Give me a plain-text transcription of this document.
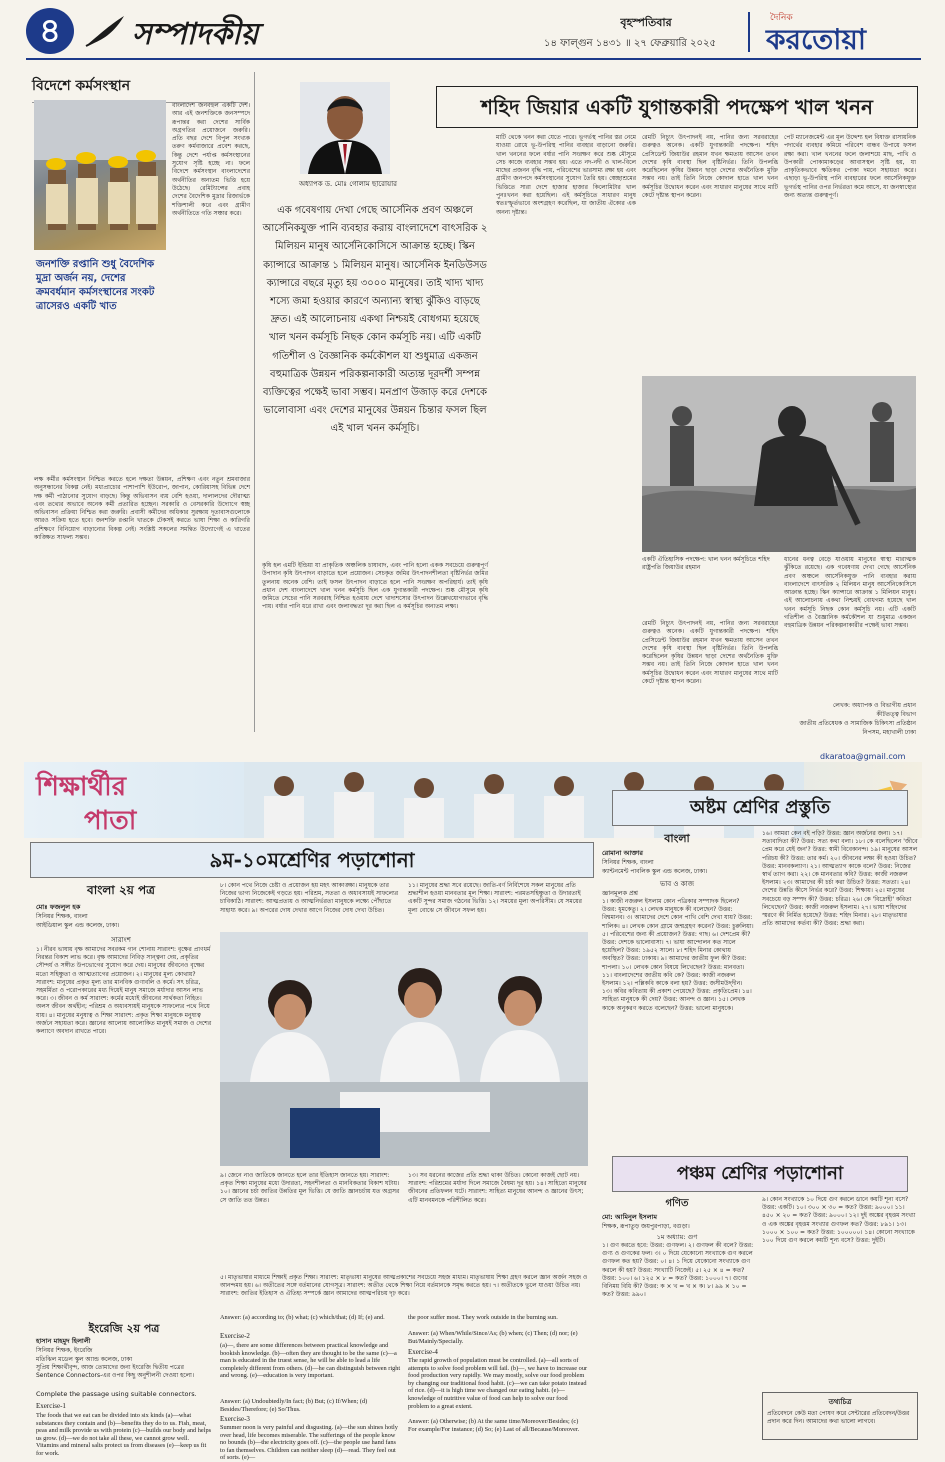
৪	সম্পাদকীয়	বৃহস্পতিবার
১৪ ফাল্গুন ১৪৩১ ॥ ২৭ ফেব্রুয়ারি ২০২৫
দৈনিক
করতোয়া
বিদেশে কর্মসংস্থান
বাংলাদেশ জনবহুল একটি দেশ। আর এই জনশক্তিকে জনসম্পদে রূপান্তর করা দেশের সার্বিক অগ্রগতির প্রয়োজনে জরুরি। প্রতি বছর দেশে বিপুল সংখ্যক তরুণ কর্মবাজারে প্রবেশ করছে, কিন্তু দেশে পর্যাপ্ত কর্মসংস্থানের সুযোগ সৃষ্টি হচ্ছে না। ফলে বিদেশে কর্মসংস্থান বাংলাদেশের অর্থনীতির অন্যতম ভিত্তি হয়ে উঠেছে। রেমিট্যান্সের প্রবাহ দেশের বৈদেশিক মুদ্রার রিজার্ভকে শক্তিশালী করে এবং গ্রামীণ অর্থনীতিতে গতি সঞ্চার করে।
জনশক্তি রপ্তানি শুধু বৈদেশিক মুদ্রা অর্জন নয়, দেশের ক্রমবর্ধমান কর্মসংস্থানের সংকট ত্রাসেরও একটি খাত
লক্ষ কর্মীর কর্মসংস্থান নিশ্চিত করতে হলে দক্ষতা উন্নয়ন, প্রশিক্ষণ এবং নতুন শ্রমবাজার অনুসন্ধানের বিকল্প নেই। মধ্যপ্রাচ্যের পাশাপাশি ইউরোপ, জাপান, কোরিয়াসহ বিভিন্ন দেশে দক্ষ কর্মী পাঠানোর সুযোগ বাড়ছে। কিন্তু অভিবাসন ব্যয় বেশি হওয়া, দালালদের দৌরাত্ম্য এবং তথ্যের অভাবে অনেক কর্মী প্রতারিত হচ্ছেন। সরকারি ও বেসরকারি উদ্যোগে স্বচ্ছ অভিবাসন প্রক্রিয়া নিশ্চিত করা জরুরি। প্রবাসী কর্মীদের অধিকার সুরক্ষায় দূতাবাসগুলোকে আরও সক্রিয় হতে হবে। জনশক্তি রপ্তানি খাতকে টেকসই করতে ভাষা শিক্ষা ও কারিগরি প্রশিক্ষণে বিনিয়োগ বাড়ানোর বিকল্প নেই। সংশ্লিষ্ট সকলের সমন্বিত উদ্যোগেই এ খাতের কাঙ্ক্ষিত সাফল্য সম্ভব।
অধ্যাপক ড. মোঃ গোলাম ছারোয়ার
শহিদ জিয়ার একটি যুগান্তকারী পদক্ষেপ খাল খনন
এক গবেষণায় দেখা গেছে আর্সেনিক প্রবণ অঞ্চলে আর্সেনিকযুক্ত পানি ব্যবহার করায় বাংলাদেশে বাৎসরিক ২ মিলিয়ন মানুষ আর্সেনিকোসিসে আক্রান্ত হচ্ছে। স্কিন ক্যান্সারে আক্রান্ত ১ মিলিয়ন মানুষ। আর্সেনিক ইনডিউসড ক্যান্সারে বছরে মৃত্যু হয় ৩০০০ মানুষের। তাই খাদ্য খাদ্য শস্যে জমা হওয়ার কারণে অন্যান্য স্বাস্থ্য ঝুঁকিও বাড়ছে দ্রুত। এই আলোচনায় একথা নিশ্চয়ই বোধগম্য হয়েছে খাল খনন কর্মসূচি নিছক কোন কর্মসূচি নয়। এটি একটি গতিশীল ও বৈজ্ঞানিক কর্মকৌশল যা শুধুমাত্র একজন বহুমাত্রিক উন্নয়ন পরিকল্পনাকারী অত্যন্ত দূরদর্শী সম্পন্ন ব্যক্তিত্বের পক্ষেই ভাবা সম্ভব। মনপ্রাণ উজাড় করে দেশকে ভালোবাসা এবং দেশের মানুষের উন্নয়ন চিন্তার ফসল ছিল এই খাল খনন কর্মসূচি।
কৃষি হল এমটি ইন্ডিয়া যা প্রাকৃতিক অঞ্চলিক চাষাবাদ, এবং পানি হলো একক সবচেয়ে গুরুত্বপূর্ণ উপাদান কৃষি উৎপাদন বাড়াতে হলে প্রয়োজন। সেচকৃত জমির উৎপাদনশীলতা বৃষ্টিনির্ভর জমির তুলনায় অনেক বেশি। তাই ফসল উৎপাদন বাড়াতে হলে পানি সংরক্ষণ অপরিহার্য। তাই কৃষি প্রধান দেশ বাংলাদেশে খাল খনন কর্মসূচি ছিল এক যুগান্তকারী পদক্ষেপ। শুষ্ক মৌসুমে কৃষি জমিতে সেচের পানি সরবরাহ নিশ্চিত হওয়ায় দেশে খাদ্যশস্যের উৎপাদন উল্লেখযোগ্যভাবে বৃদ্ধি পায়। বর্ষার পানি ধরে রাখা এবং জলাবদ্ধতা দূর করা ছিল এ কর্মসূচির অন্যতম লক্ষ্য।
মাটি থেকে খনন করা যেতে পারে। ভূগর্ভস্থ পানির স্তর নেমে যাওয়া রোধে ভূ-উপরিস্থ পানির ব্যবহার বাড়ানো জরুরি। খাল খননের ফলে বর্ষার পানি সংরক্ষণ করে শুষ্ক মৌসুমে সেচ কাজে ব্যবহার সম্ভব হয়। এতে নদ-নদী ও খাল-বিলে মাছের প্রজনন বৃদ্ধি পায়, পরিবেশের ভারসাম্য রক্ষা হয় এবং গ্রামীণ জনপদে কর্মসংস্থানের সুযোগ তৈরি হয়। স্বেচ্ছাশ্রমের ভিত্তিতে সারা দেশে হাজার হাজার কিলোমিটার খাল পুনঃখনন করা হয়েছিল। এই কর্মসূচিতে সাধারণ মানুষ স্বতঃস্ফূর্তভাবে অংশগ্রহণ করেছিল, যা জাতীয় ঐক্যের এক অনন্য দৃষ্টান্ত।
রেমটি নিচ্যুৎ উৎপাদনই নয়, পানির জন্য সরবরাহের গুরুত্বও অনেক। একটি যুগান্তকারী পদক্ষেপ। শহিদ প্রেসিডেন্ট জিয়াউর রহমান যখন ক্ষমতায় আসেন তখন দেশের কৃষি ব্যবস্থা ছিল বৃষ্টিনির্ভর। তিনি উপলব্ধি করেছিলেন কৃষির উন্নয়ন ছাড়া দেশের অর্থনৈতিক মুক্তি সম্ভব নয়। তাই তিনি নিজে কোদাল হাতে খাল খনন কর্মসূচির উদ্বোধন করেন এবং সাধারণ মানুষের সাথে মাটি কেটে দৃষ্টান্ত স্থাপন করেন।
পেট ম্যানেজমেন্ট এর মূল উদ্দেশ্য হল বিষাক্ত রাসায়নিক পদার্থের ব্যবহার কমিয়ে পরিবেশ বান্ধব উপায়ে ফসল রক্ষা করা। খাল খননের ফলে জলাশয়ে মাছ, পাখি ও উপকারী পোকামাকড়ের আবাসস্থল সৃষ্টি হয়, যা প্রাকৃতিকভাবে ক্ষতিকর পোকা দমনে সহায়তা করে। এছাড়া ভূ-উপরিস্থ পানি ব্যবহারের ফলে আর্সেনিকযুক্ত ভূগর্ভস্থ পানির ওপর নির্ভরতা কমে আসে, যা জনস্বাস্থ্যের জন্য অত্যন্ত গুরুত্বপূর্ণ।
একটি ঐতিহাসিক পদক্ষেপ: খাল খনন কর্মসূচিতে শহিদ রাষ্ট্রপতি জিয়াউর রহমান
ধানের ধনত্ব বেড়ে যাওয়ায় মানুষের স্বাস্থ্য মারাত্মক ঝুঁকিতে রয়েছে। এক গবেষণায় দেখা গেছে আর্সেনিক প্রবণ অঞ্চলে আর্সেনিকযুক্ত পানি ব্যবহার করায় বাংলাদেশে বাৎসরিক ২ মিলিয়ন মানুষ আর্সেনিকোসিসে আক্রান্ত হচ্ছে। স্কিন ক্যান্সারে আক্রান্ত ১ মিলিয়ন মানুষ। এই আলোচনায় একথা নিশ্চয়ই বোধগম্য হয়েছে খাল খনন কর্মসূচি নিছক কোন কর্মসূচি নয়। এটি একটি গতিশীল ও বৈজ্ঞানিক কর্মকৌশল যা শুধুমাত্র একজন বহুমাত্রিক উন্নয়ন পরিকল্পনাকারীর পক্ষেই ভাবা সম্ভব।
লেখক: অধ্যাপক ও বিভাগীয় প্রধান
কীটতত্ত্ব বিভাগ
জাতীয় প্রতিষেধক ও সামাজিক চিকিৎসা প্রতিষ্ঠান
নিপসম, মহাখালী ঢাকা
রেমটি নিচ্যুৎ উৎপাদনই নয়, পানির জন্য সরবরাহের গুরুত্বও অনেক। একটি যুগান্তকারী পদক্ষেপ। শহিদ প্রেসিডেন্ট জিয়াউর রহমান যখন ক্ষমতায় আসেন তখন দেশের কৃষি ব্যবস্থা ছিল বৃষ্টিনির্ভর। তিনি উপলব্ধি করেছিলেন কৃষির উন্নয়ন ছাড়া দেশের অর্থনৈতিক মুক্তি সম্ভব নয়। তাই তিনি নিজে কোদাল হাতে খাল খনন কর্মসূচির উদ্বোধন করেন এবং সাধারণ মানুষের সাথে মাটি কেটে দৃষ্টান্ত স্থাপন করেন।
dkaratoa@gmail.com
শিক্ষার্থীর
পাতা
৯ম-১০মশ্রেণির পড়াশোনা
বাংলা ২য় পত্র
মোঃ ফজলুল হক
সিনিয়র শিক্ষক, বাংলা
আইডিয়াল স্কুল এন্ড কলেজ, ঢাকা।
সারাংশ
১। নীরব ভাষায় বৃক্ষ আমাদের সবরকম গান শোনায় সারাংশ: বৃক্ষের প্রাণধর্ম নিরন্তর বিকাশ লাভ করে। বৃক্ষ আমাদের নিবিড় সান্ত্বনা দেয়, প্রকৃতির সৌন্দর্য ও সঙ্গীত উপভোগের সুযোগ করে দেয়। মানুষের জীবনেও বৃক্ষের মতো সহিষ্ণুতা ও আত্মত্যাগের প্রয়োজন। ২। মানুষের মূল্য কোথায়? সারাংশ: মানুষের প্রকৃত মূল্য তার মানবিক গুণাবলি ও কর্মে। সৎ চরিত্র, সহমর্মিতা ও পরোপকারের মধ্য দিয়েই মানুষ সমাজে মর্যাদার আসন লাভ করে। ৩। জীবন ও কর্ম সারাংশ: কর্মের মধ্যেই জীবনের সার্থকতা নিহিত। অলস জীবন অর্থহীন; পরিশ্রম ও অধ্যবসায়ই মানুষকে সাফল্যের পথে নিয়ে যায়। ৪। মানুষের মনুষ্যত্ব ও শিক্ষা সারাংশ: প্রকৃত শিক্ষা মানুষকে মনুষ্যত্ব অর্জনে সহায়তা করে। জ্ঞানের আলোয় আলোকিত মানুষই সমাজ ও দেশের কল্যাণে অবদান রাখতে পারে।
৮। কোন পথে নিজে চেষ্টা ও প্রয়োজন হয় মহৎ আকাঙ্ক্ষা। মানুষকে তার নিজের ভাগ্য নিজেকেই গড়তে হয়। পরিশ্রম, সততা ও অধ্যবসায়ই সাফল্যের চাবিকাঠি। সারাংশ: আত্মপ্রত্যয় ও আত্মনির্ভরতা মানুষকে লক্ষ্যে পৌঁছাতে সাহায্য করে। ৯। অপরের দোষ দেখার আগে নিজের দোষ দেখা উচিত।
১১। মানুষের শ্রদ্ধা সবে রয়েছে। জাতি-বর্ণ নির্বিশেষে সকল মানুষের প্রতি শ্রদ্ধাশীল হওয়া মানবতার মূল শিক্ষা। সারাংশ: পরমতসহিষ্ণুতা ও উদারতাই একটি সুন্দর সমাজ গঠনের ভিত্তি। ১২। সময়ের মূল্য অপরিসীম। যে সময়ের মূল্য বোঝে সে জীবনে সফল হয়।
৯। জেনে নাও জাতিকে জানতে হলে তার ইতিহাস জানতে হয়। সারাংশ: প্রকৃত শিক্ষা মানুষের মধ্যে উদারতা, সহনশীলতা ও মানবিকতার বিকাশ ঘটায়। ১০। জ্ঞানের চর্চা জাতির উন্নতির মূল ভিত্তি। যে জাতি জ্ঞানচর্চায় যত অগ্রসর সে জাতি তত উন্নত।
১৩। সব ধরনের কাজের প্রতি শ্রদ্ধা থাকা উচিত। কোনো কাজই ছোট নয়। সারাংশ: পরিশ্রমের মর্যাদা দিলে সমাজে বৈষম্য দূর হয়। ১৪। সাহিত্যে মানুষের জীবনের প্রতিফলন ঘটে। সারাংশ: সাহিত্য মানুষের আনন্দ ও জ্ঞানের উৎস; এটি মানবমনকে পরিশীলিত করে।
৫। মাতৃভাষার মাধ্যমে শিক্ষাই প্রকৃত শিক্ষা। সারাংশ: মাতৃভাষা মানুষের আত্মপ্রকাশের সবচেয়ে সহজ মাধ্যম। মাতৃভাষায় শিক্ষা গ্রহণ করলে জ্ঞান অর্জন সহজ ও আনন্দময় হয়। ৬। অতীতের সঙ্গে বর্তমানের যোগসূত্র। সারাংশ: অতীত থেকে শিক্ষা নিয়ে বর্তমানকে সমৃদ্ধ করতে হয়। ৭। অতীতকে ভুলে যাওয়া উচিত নয়। সারাংশ: জাতির ইতিহাস ও ঐতিহ্য সম্পর্কে জ্ঞান আমাদের আত্মপরিচয় দৃঢ় করে।
ইংরেজি ২য় পত্র
হাসান মাহমুদ হিলালী
সিনিয়র শিক্ষক, ইংরেজি
মতিঝিল মডেল স্কুল অ্যান্ড কলেজ, ঢাকা
সুপ্রিয় শিক্ষার্থীবৃন্দ, আজ তোমাদের জন্য ইংরেজি দ্বিতীয় পত্রের Sentence Connectors-এর ওপর কিছু অনুশীলনী দেওয়া হলো।
Complete the passage using suitable connectors.
Exercise-1
The foods that we eat can be divided into six kinds (a)—what substances they contain and (b)—benefits they do to us. Fish, meat, peas and milk provide us with protein (c)—builds our body and helps us grow. (d)—we do not take all these, we cannot grow well. Vitamins and mineral salts protect us from diseases (e)—keep us fit for work.
Answer: (a) according to; (b) what; (c) which/that; (d) If; (e) and.
Exercise-2
(a)—, there are some differences between practical knowledge and bookish knowledge. (b)—often they are thought to be the same (c)—a man is educated in the truest sense, he will be able to lead a life completely different from others. (d)—he can distinguish between right and wrong. (e)—education is very important.
Answer: (a) Undoubtedly/In fact; (b) But; (c) If/When; (d) Besides/Therefore; (e) So/Thus.
Exercise-3
Summer noon is very painful and disgusting. (a)—the sun shines hotly over head, life becomes miserable. The sufferings of the people know no bounds (b)—the electricity goes off. (c)—the people use hand fans to fan themselves. Children can neither sleep (d)—read. They feel out of sorts. (e)—
the poor suffer most. They work outside in the burning sun.
Answer: (a) When/While/Since/As; (b) when; (c) Then; (d) nor; (e) But/Mainly/Specially.
Exercise-4
The rapid growth of population must be controlled. (a)—all sorts of attempts to solve food problem will fail. (b)—, we have to increase our food production very rapidly. We may mostly, solve our food problem by changing our traditional food habit. (c)—we can take potato instead of rice. (d)—it is high time we changed our eating habit. (e)—knowledge of nutritive value of food can help to solve our food problem to a great extent.
Answer: (a) Otherwise; (b) At the same time/Moreover/Besides; (c) For example/For instance; (d) So; (e) Last of all/Because/Moreover.
অষ্টম শ্রেণির প্রস্তুতি
বাংলা
রোমানা আক্তার
সিনিয়র শিক্ষক, বাংলা
ক্যান্টনমেন্ট পাবলিক স্কুল এন্ড কলেজ, ঢাকা।
ভাব ও কাজ
জ্ঞানমূলক প্রশ্ন
১। কাজী নজরুল ইসলাম কোন পত্রিকার সম্পাদক ছিলেন? উত্তর: ধূমকেতু। ২। লেখক মানুষকে কী বলেছেন? উত্তর: বিশ্বমানব। ৩। আমাদের দেশে কোন পাখি বেশি দেখা যায়? উত্তর: শালিক। ৪। লেখক কোন গ্রামে জন্মগ্রহণ করেন? উত্তর: চুরুলিয়া। ৫। পরিবেশের জন্য কী প্রয়োজন? উত্তর: গাছ। ৬। দেশপ্রেম কী? উত্তর: দেশকে ভালোবাসা। ৭। ভাষা আন্দোলন কত সালে হয়েছিল? উত্তর: ১৯৫২ সালে। ৮। শহিদ মিনার কোথায় অবস্থিত? উত্তর: ঢাকায়। ৯। আমাদের জাতীয় ফুল কী? উত্তর: শাপলা। ১০। লেখক কোন বিষয়ে লিখেছেন? উত্তর: মানবতা। ১১। বাংলাদেশের জাতীয় কবি কে? উত্তর: কাজী নজরুল ইসলাম। ১২। পল্লিকবি কাকে বলা হয়? উত্তর: জসীমউদ্‌দীন। ১৩। কবির কবিতায় কী প্রকাশ পেয়েছে? উত্তর: প্রকৃতিপ্রেম। ১৪। সাহিত্য মানুষকে কী দেয়? উত্তর: আনন্দ ও জ্ঞান। ১৫। লেখক কাকে অনুকরণ করতে বলেছেন? উত্তর: ভালো মানুষকে।
১৬। আমরা কেন বই পড়ি? উত্তর: জ্ঞান অর্জনের জন্য। ১৭। সত্যবাদিতা কী? উত্তর: সত্য কথা বলা। ১৮। কে বলেছিলেন 'জীবে প্রেম করে যেই জন'? উত্তর: স্বামী বিবেকানন্দ। ১৯। মানুষের আসল পরিচয় কী? উত্তর: তার কর্ম। ২০। জীবনের লক্ষ্য কী হওয়া উচিত? উত্তর: মানবকল্যাণ। ২১। আত্মত্যাগ কাকে বলে? উত্তর: নিজের স্বার্থ ত্যাগ করা। ২২। কে মানবতার কবি? উত্তর: কাজী নজরুল ইসলাম। ২৩। আমাদের কী চর্চা করা উচিত? উত্তর: সততা। ২৪। দেশের উন্নতি কীসে নির্ভর করে? উত্তর: শিক্ষায়। ২৫। মানুষের সবচেয়ে বড় সম্পদ কী? উত্তর: চরিত্র। ২৬। কে 'বিদ্রোহী' কবিতা লিখেছেন? উত্তর: কাজী নজরুল ইসলাম। ২৭। ভাষা শহিদদের স্মরণে কী নির্মিত হয়েছে? উত্তর: শহিদ মিনার। ২৮। মাতৃভাষার প্রতি আমাদের কর্তব্য কী? উত্তর: শ্রদ্ধা করা।
পঞ্চম শ্রেণির পড়াশোনা
গণিত
মো: আমিনুল ইসলাম
শিক্ষক, রূপাতুড় জয়পুরপাড়া, বগুড়া।
১ম অধ্যায়: গুণ
১। গুণ করতে হবে: উত্তর: গুণফল। ২। গুণফল কী বলে? উত্তর: গুণ্য ও গুণকের ফল। ৩। ০ দিয়ে যেকোনো সংখ্যাকে গুণ করলে গুণফল কত হয়? উত্তর: ০। ৪। ১ দিয়ে যেকোনো সংখ্যাকে গুণ করলে কী হয়? উত্তর: সংখ্যাটি নিজেই। ৫। ২৫ × ৪ = কত? উত্তর: ১০০। ৬। ১২৫ × ৮ = কত? উত্তর: ১০০০। ৭। গুণের বিনিময় বিধি কী? উত্তর: ক × খ = খ × ক। ৮। ৯৯ × ১০ = কত? উত্তর: ৯৯০।
৯। কোন সংখ্যাকে ১০ দিয়ে গুণ করলে ডানে কয়টি শূন্য বসে? উত্তর: একটি। ১০। ৩০০ × ৩০ = কত? উত্তর: ৯০০০। ১১। ৪৫০ × ২০ = কত? উত্তর: ৯০০০। ১২। দুই অঙ্কের বৃহত্তম সংখ্যা ও এক অঙ্কের বৃহত্তম সংখ্যার গুণফল কত? উত্তর: ৮৯১। ১৩। ১০০০ × ১০০ = কত? উত্তর: ১০০০০০। ১৪। কোনো সংখ্যাকে ১০০ দিয়ে গুণ করলে কয়টি শূন্য বসে? উত্তর: দুইটি।
তথ্যচিত্র
প্রতিবেদনে কেউ মতা পোষণ করে সেন্টারের প্রতিবেদন/উত্তর প্রদান করে দিন। আমাদের কথা ভালো লাগবে।
